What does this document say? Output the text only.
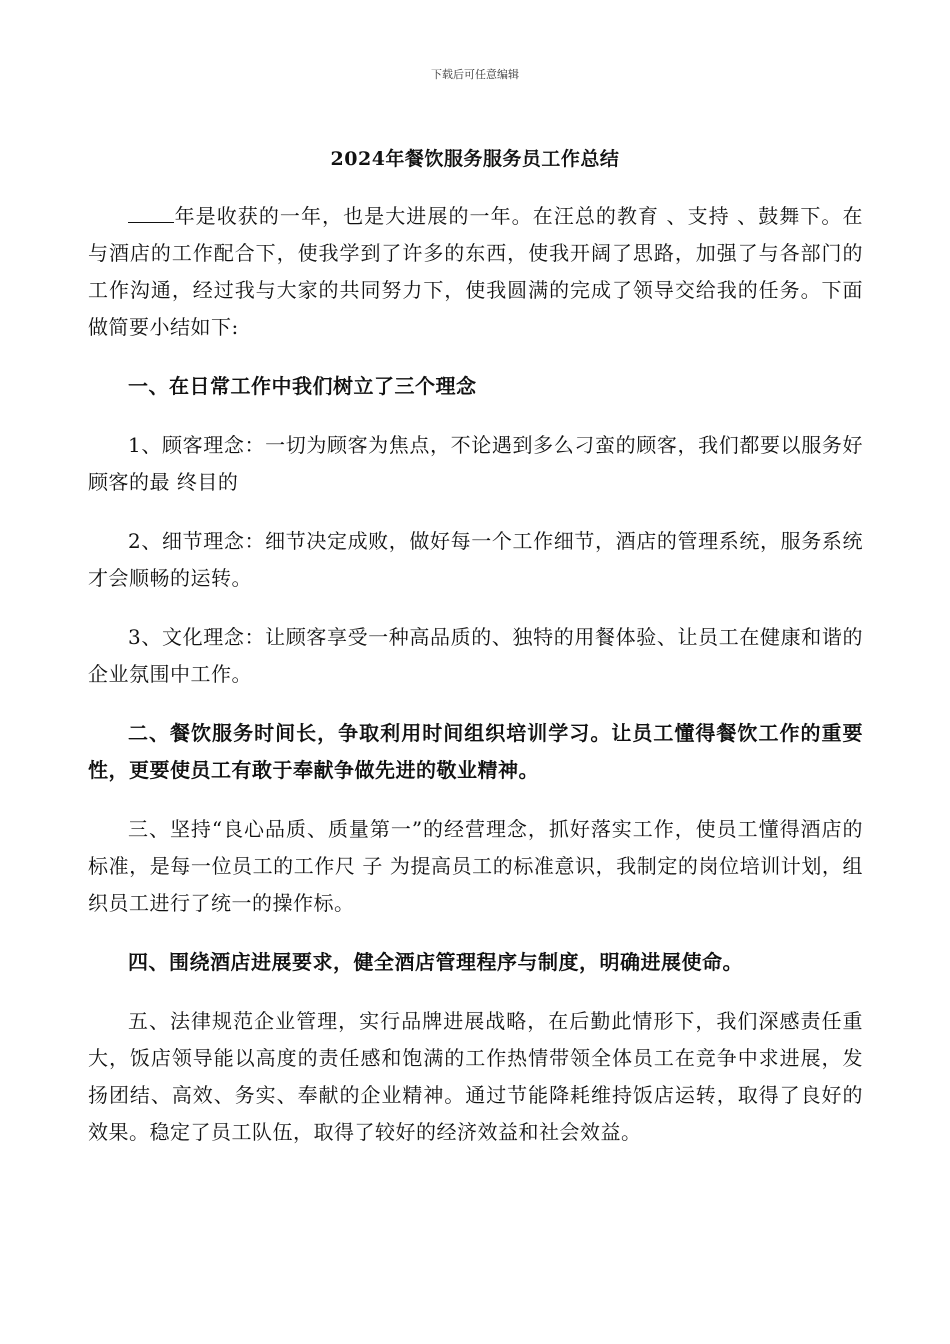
下载后可任意编辑
2024年餐饮服务服务员工作总结

年是收获的一年，也是大进展的一年。在汪总的教育 、支持 、鼓舞下。在与酒店的工作配合下，使我学到了许多的东西，使我开阔了思路，加强了与各部门的工作沟通，经过我与大家的共同努力下，使我圆满的完成了领导交给我的任务。下面做简要小结如下:

一、在日常工作中我们树立了三个理念

1、顾客理念：一切为顾客为焦点，不论遇到多么刁蛮的顾客，我们都要以服务好顾客的最 终目的

2、细节理念：细节决定成败，做好每一个工作细节，酒店的管理系统，服务系统才会顺畅的运转。

3、文化理念：让顾客享受一种高品质的、独特的用餐体验、让员工在健康和谐的企业氛围中工作。

二、餐饮服务时间长，争取利用时间组织培训学习。让员工懂得餐饮工作的重要性，更要使员工有敢于奉献争做先进的敬业精神。

三、坚持“良心品质、质量第一”的经营理念，抓好落实工作，使员工懂得酒店的标准，是每一位员工的工作尺 子 为提高员工的标准意识，我制定的岗位培训计划，组织员工进行了统一的操作标。

四、围绕酒店进展要求，健全酒店管理程序与制度，明确进展使命。

五、法律规范企业管理，实行品牌进展战略，在后勤此情形下，我们深感责任重大，饭店领导能以高度的责任感和饱满的工作热情带领全体员工在竞争中求进展，发扬团结、高效、务实、奉献的企业精神。通过节能降耗维持饭店运转，取得了良好的效果。稳定了员工队伍，取得了较好的经济效益和社会效益。
